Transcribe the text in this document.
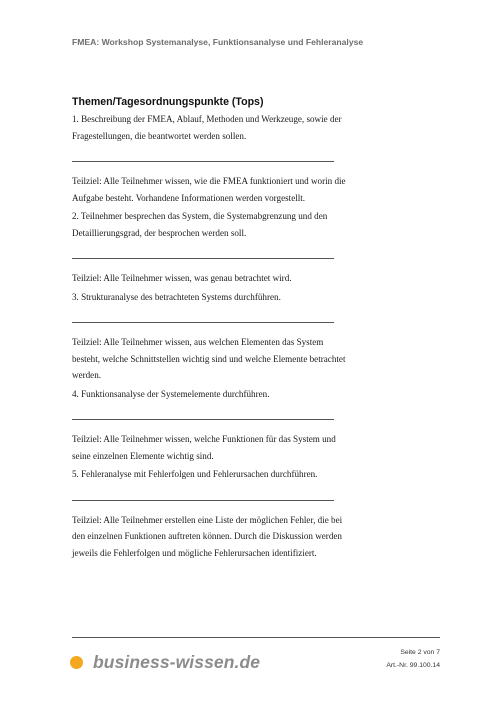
FMEA: Workshop Systemanalyse, Funktionsanalyse und Fehleranalyse
Themen/Tagesordnungspunkte (Tops)

1. Beschreibung der FMEA, Ablauf, Methoden und Werkzeuge, sowie der

Fragestellungen, die beantwortet werden sollen.

Teilziel: Alle Teilnehmer wissen, wie die FMEA funktioniert und worin die

Aufgabe besteht. Vorhandene Informationen werden vorgestellt.

2. Teilnehmer besprechen das System, die Systemabgrenzung und den

Detaillierungsgrad, der besprochen werden soll.

Teilziel: Alle Teilnehmer wissen, was genau betrachtet wird.

3. Strukturanalyse des betrachteten Systems durchführen.

Teilziel: Alle Teilnehmer wissen, aus welchen Elementen das System

besteht, welche Schnittstellen wichtig sind und welche Elemente betrachtet

werden.

4. Funktionsanalyse der Systemelemente durchführen.

Teilziel: Alle Teilnehmer wissen, welche Funktionen für das System und

seine einzelnen Elemente wichtig sind.

5. Fehleranalyse mit Fehlerfolgen und Fehlerursachen durchführen.

Teilziel: Alle Teilnehmer erstellen eine Liste der möglichen Fehler, die bei

den einzelnen Funktionen auftreten können. Durch die Diskussion werden

jeweils die Fehlerfolgen und mögliche Fehlerursachen identifiziert.

business-wissen.de	Seite 2 von 7
Art.-Nr. 99.100.14
